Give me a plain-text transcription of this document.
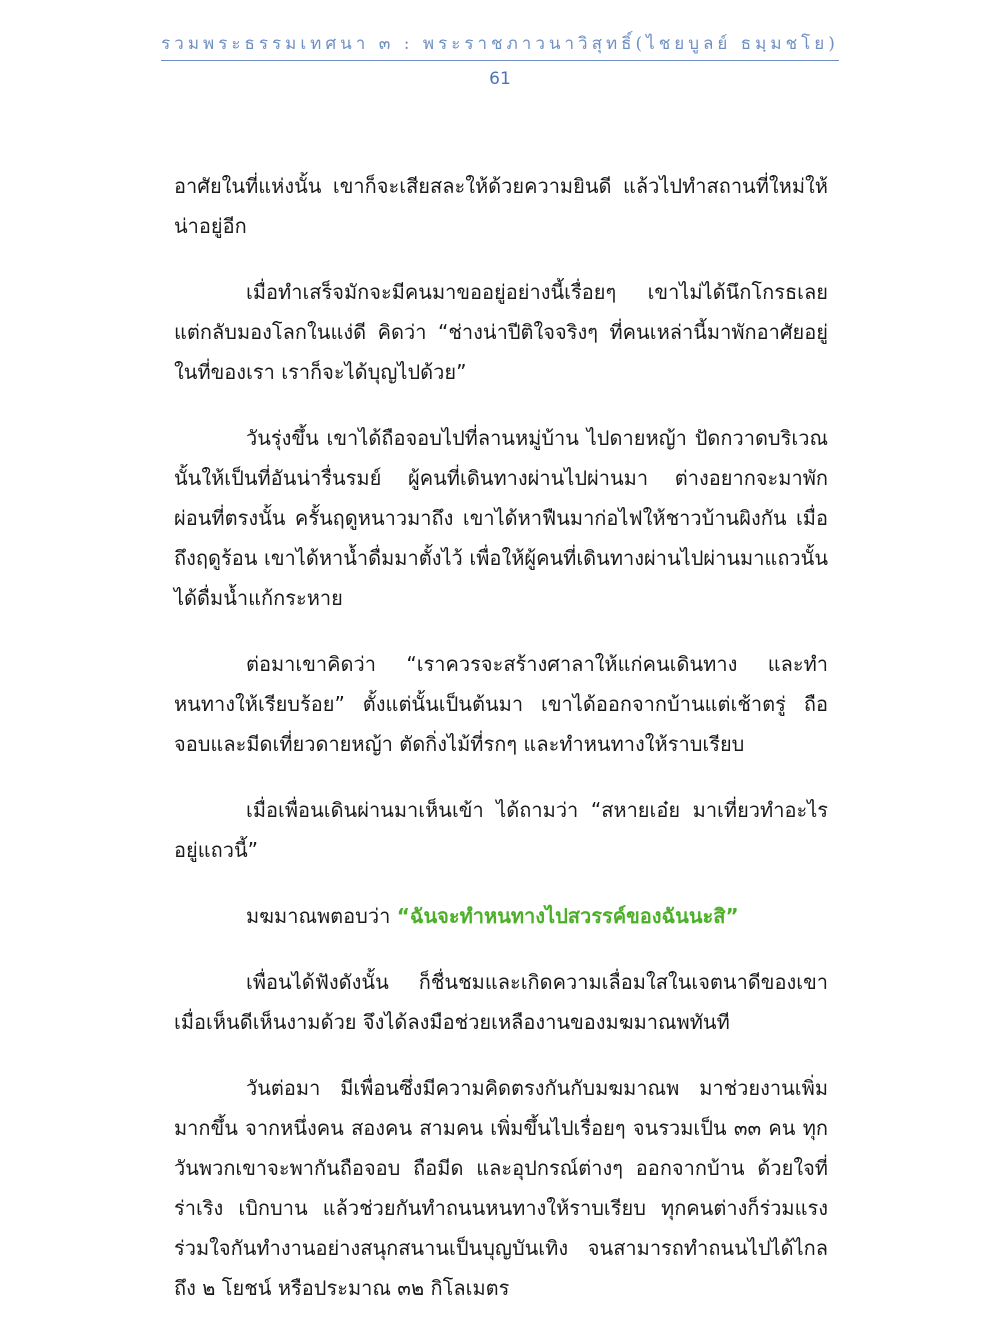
รวมพระธรรมเทศนา ๓ : พระราชภาวนาวิสุทธิ์(ไชยบูลย์ ธมฺมชโย)
61

อาศัยในที่แห่งนั้น เขาก็จะเสียสละให้ด้วยความยินดี แล้วไปทำสถานที่ใหม่ให้น่าอยู่อีก

เมื่อทำเสร็จมักจะมีคนมาขออยู่อย่างนี้เรื่อยๆ เขาไม่ได้นึกโกรธเลย แต่กลับมองโลกในแง่ดี คิดว่า “ช่างน่าปีติใจจริงๆ ที่คนเหล่านี้มาพักอาศัยอยู่ในที่ของเรา เราก็จะได้บุญไปด้วย”

วันรุ่งขึ้น เขาได้ถือจอบไปที่ลานหมู่บ้าน ไปดายหญ้า ปัดกวาดบริเวณนั้นให้เป็นที่อันน่ารื่นรมย์ ผู้คนที่เดินทางผ่านไปผ่านมา ต่างอยากจะมาพัก ผ่อนที่ตรงนั้น ครั้นฤดูหนาวมาถึง เขาได้หาฟืนมาก่อไฟให้ชาวบ้านผิงกัน เมื่อถึงฤดูร้อน เขาได้หาน้ำดื่มมาตั้งไว้ เพื่อให้ผู้คนที่เดินทางผ่านไปผ่านมาแถวนั้นได้ดื่มน้ำแก้กระหาย

ต่อมาเขาคิดว่า “เราควรจะสร้างศาลาให้แก่คนเดินทาง และทำหนทางให้เรียบร้อย” ตั้งแต่นั้นเป็นต้นมา เขาได้ออกจากบ้านแต่เช้าตรู่ ถือจอบและมีดเที่ยวดายหญ้า ตัดกิ่งไม้ที่รกๆ และทำหนทางให้ราบเรียบ

เมื่อเพื่อนเดินผ่านมาเห็นเข้า ได้ถามว่า “สหายเอ๋ย มาเที่ยวทำอะไรอยู่แถวนี้”

มฆมาณพตอบว่า “ฉันจะทำหนทางไปสวรรค์ของฉันนะสิ”

เพื่อนได้ฟังดังนั้น ก็ชื่นชมและเกิดความเลื่อมใสในเจตนาดีของเขา เมื่อเห็นดีเห็นงามด้วย จึงได้ลงมือช่วยเหลืองานของมฆมาณพทันที

วันต่อมา มีเพื่อนซึ่งมีความคิดตรงกันกับมฆมาณพ มาช่วยงานเพิ่มมากขึ้น จากหนึ่งคน สองคน สามคน เพิ่มขึ้นไปเรื่อยๆ จนรวมเป็น ๓๓ คน ทุกวันพวกเขาจะพากันถือจอบ ถือมีด และอุปกรณ์ต่างๆ ออกจากบ้าน ด้วยใจที่ร่าเริง เบิกบาน แล้วช่วยกันทำถนนหนทางให้ราบเรียบ ทุกคนต่างก็ร่วมแรงร่วมใจกันทำงานอย่างสนุกสนานเป็นบุญบันเทิง จนสามารถทำถนนไปได้ไกลถึง ๒ โยชน์ หรือประมาณ ๓๒ กิโลเมตร
